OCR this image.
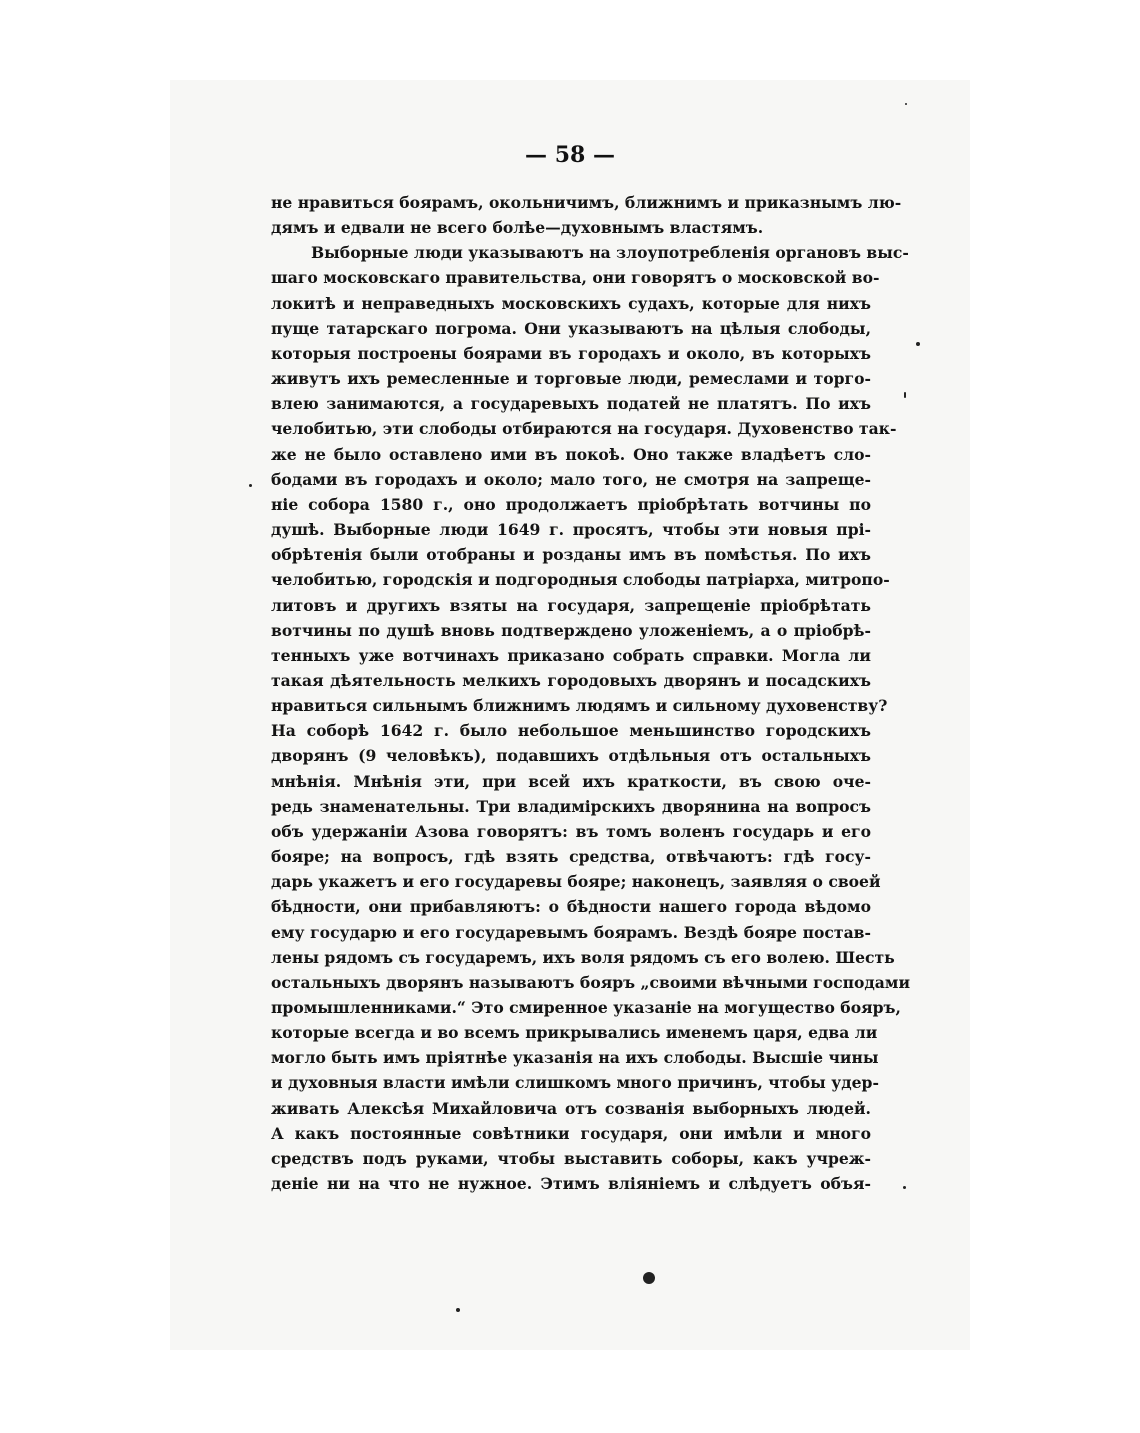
— 58 —
не нравиться боярамъ, окольничимъ, ближнимъ и приказнымъ лю-
дямъ и едвали не всего болѣе—духовнымъ властямъ.
Выборные люди указываютъ на злоупотребленія органовъ выс-
шаго московскаго правительства, они говорятъ о московской во-
локитѣ и неправедныхъ московскихъ судахъ, которые для нихъ
пуще татарскаго погрома. Они указываютъ на цѣлыя слободы,
которыя построены боярами въ городахъ и около, въ которыхъ
живутъ ихъ ремесленные и торговые люди, ремеслами и торго-
влею занимаются, а государевыхъ податей не платятъ. По ихъ
челобитью, эти слободы отбираются на государя. Духовенство так-
же не было оставлено ими въ покоѣ. Оно также владѣетъ сло-
бодами въ городахъ и около; мало того, не смотря на запреще-
ніе собора 1580 г., оно продолжаетъ пріобрѣтать вотчины по
душѣ. Выборные люди 1649 г. просятъ, чтобы эти новыя прі-
обрѣтенія были отобраны и розданы имъ въ помѣстья. По ихъ
челобитью, городскія и подгородныя слободы патріарха, митропо-
литовъ и другихъ взяты на государя, запрещеніе пріобрѣтать
вотчины по душѣ вновь подтверждено уложеніемъ, а о пріобрѣ-
тенныхъ уже вотчинахъ приказано собрать справки. Могла ли
такая дѣятельность мелкихъ городовыхъ дворянъ и посадскихъ
нравиться сильнымъ ближнимъ людямъ и сильному духовенству?
На соборѣ 1642 г. было небольшое меньшинство городскихъ
дворянъ (9 человѣкъ), подавшихъ отдѣльныя отъ остальныхъ
мнѣнія. Мнѣнія эти, при всей ихъ краткости, въ свою оче-
редь знаменательны. Три владимірскихъ дворянина на вопросъ
объ удержаніи Азова говорятъ: въ томъ воленъ государь и его
бояре; на вопросъ, гдѣ взять средства, отвѣчаютъ: гдѣ госу-
дарь укажетъ и его государевы бояре; наконецъ, заявляя о своей
бѣдности, они прибавляютъ: о бѣдности нашего города вѣдомо
ему государю и его государевымъ боярамъ. Вездѣ бояре постав-
лены рядомъ съ государемъ, ихъ воля рядомъ съ его волею. Шесть
остальныхъ дворянъ называютъ бояръ „своими вѣчными господами
промышленниками.“ Это смиренное указаніе на могущество бояръ,
которые всегда и во всемъ прикрывались именемъ царя, едва ли
могло быть имъ пріятнѣе указанія на ихъ слободы. Высшіе чины
и духовныя власти имѣли слишкомъ много причинъ, чтобы удер-
живать Алексѣя Михайловича отъ созванія выборныхъ людей.
А какъ постоянные совѣтники государя, они имѣли и много
средствъ подъ руками, чтобы выставить соборы, какъ учреж-
деніе ни на что не нужное. Этимъ вліяніемъ и слѣдуетъ объя-
